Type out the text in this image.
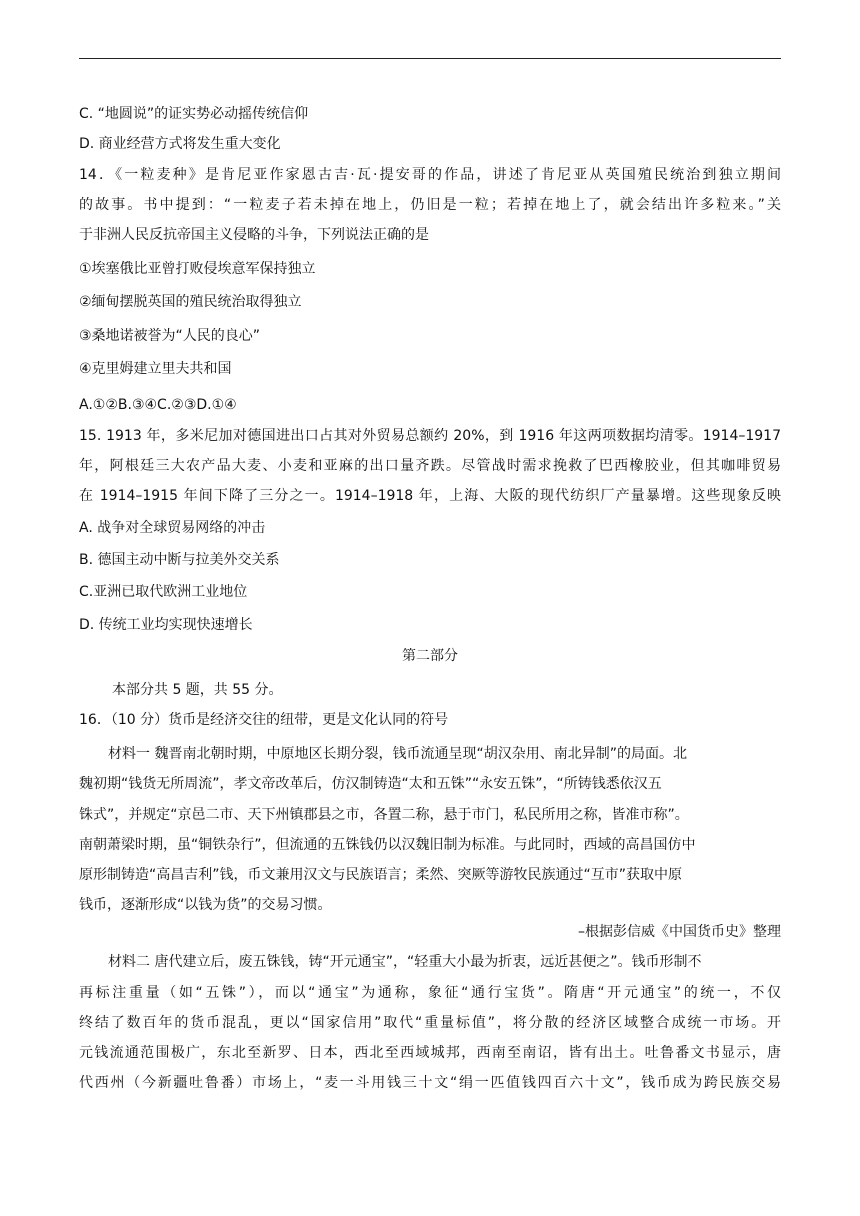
C. “地圆说”的证实势必动摇传统信仰
D. 商业经营方式将发生重大变化
14．《一粒麦种》是肯尼亚作家恩古吉·瓦·提安哥的作品，讲述了肯尼亚从英国殖民统治到独立期间
的故事。书中提到：“一粒麦子若未掉在地上，仍旧是一粒；若掉在地上了，就会结出许多粒来。”关
于非洲人民反抗帝国主义侵略的斗争，下列说法正确的是
①埃塞俄比亚曾打败侵埃意军保持独立
②缅甸摆脱英国的殖民统治取得独立
③桑地诺被誉为“人民的良心”
④克里姆建立里夫共和国
A.①②B.③④C.②③D.①④
15. 1913 年，多米尼加对德国进出口占其对外贸易总额约 20%，到 1916 年这两项数据均清零。1914–1917
年，阿根廷三大农产品大麦、小麦和亚麻的出口量齐跌。尽管战时需求挽救了巴西橡胶业，但其咖啡贸易
在 1914–1915 年间下降了三分之一。1914–1918 年，上海、大阪的现代纺织厂产量暴增。这些现象反映
A. 战争对全球贸易网络的冲击
B. 德国主动中断与拉美外交关系
C.亚洲已取代欧洲工业地位
D. 传统工业均实现快速增长
第二部分
本部分共 5 题，共 55 分。
16．（10 分）货币是经济交往的纽带，更是文化认同的符号
材料一 魏晋南北朝时期，中原地区长期分裂，钱币流通呈现“胡汉杂用、南北异制”的局面。北
魏初期“钱货无所周流”，孝文帝改革后，仿汉制铸造“太和五铢”“永安五铢”，“所铸钱悉依汉五
铢式”，并规定“京邑二市、天下州镇郡县之市，各置二称，悬于市门，私民所用之称，皆准市称”。
南朝萧梁时期，虽“铜铁杂行”，但流通的五铢钱仍以汉魏旧制为标准。与此同时，西域的高昌国仿中
原形制铸造“高昌吉利”钱，币文兼用汉文与民族语言；柔然、突厥等游牧民族通过“互市”获取中原
钱币，逐渐形成“以钱为货”的交易习惯。
–根据彭信威《中国货币史》整理
材料二 唐代建立后，废五铢钱，铸“开元通宝”，“轻重大小最为折衷，远近甚便之”。钱币形制不
再标注重量（如“五铢”），而以“通宝”为通称，象征“通行宝货”。隋唐“开元通宝”的统一，不仅
终结了数百年的货币混乱，更以“国家信用”取代“重量标值”，将分散的经济区域整合成统一市场。开
元钱流通范围极广，东北至新罗、日本，西北至西域城邦，西南至南诏，皆有出土。吐鲁番文书显示，唐
代西州（今新疆吐鲁番）市场上，“麦一斗用钱三十文“绢一匹值钱四百六十文”，钱币成为跨民族交易
